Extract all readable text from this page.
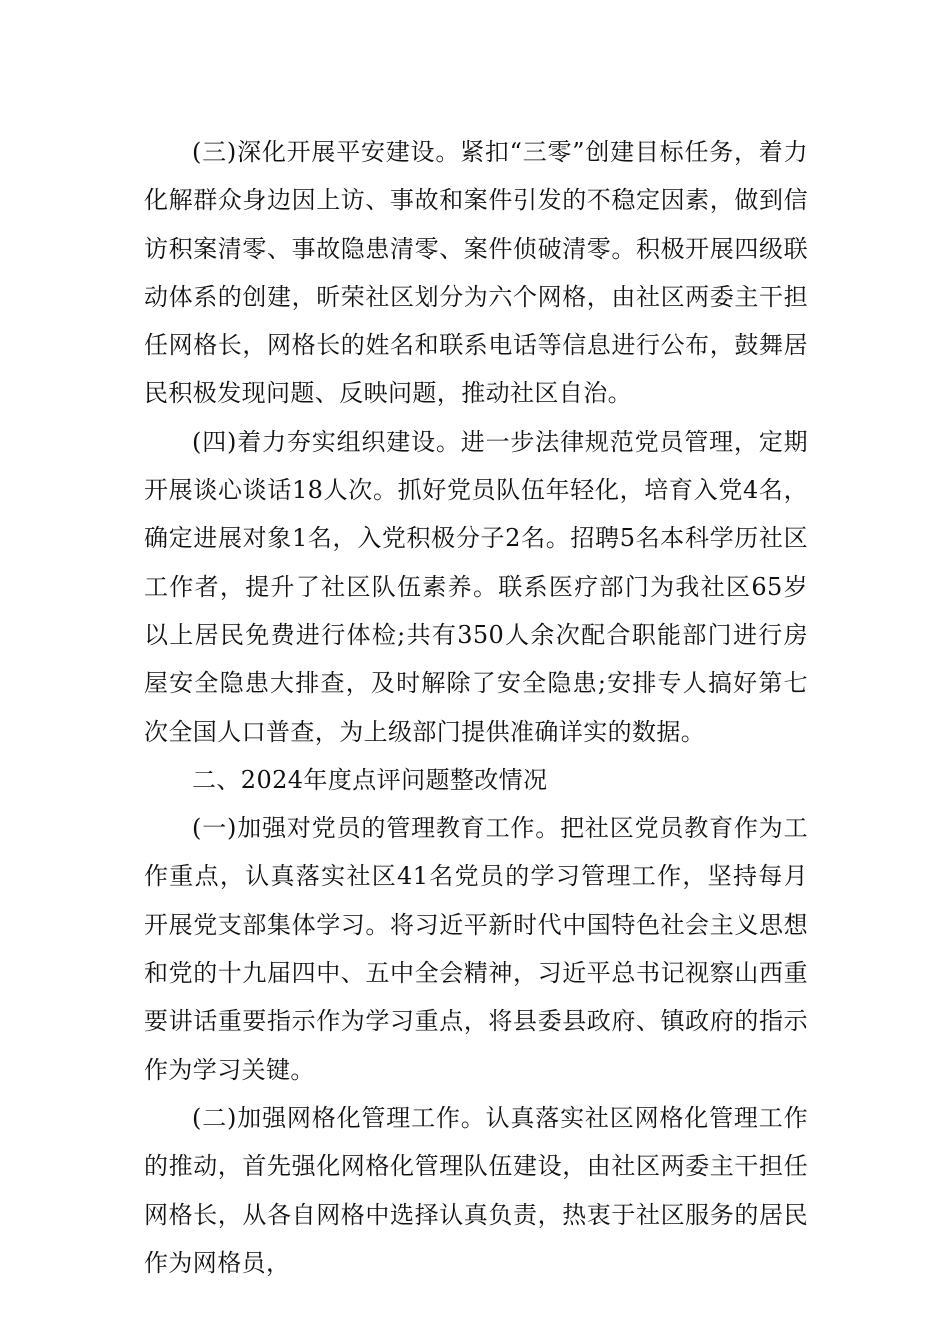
(三)深化开展平安建设。紧扣“三零”创建目标任务，着力化解群众身边因上访、事故和案件引发的不稳定因素，做到信访积案清零、事故隐患清零、案件侦破清零。积极开展四级联动体系的创建，昕荣社区划分为六个网格，由社区两委主干担任网格长，网格长的姓名和联系电话等信息进行公布，鼓舞居民积极发现问题、反映问题，推动社区自治。

(四)着力夯实组织建设。进一步法律规范党员管理，定期开展谈心谈话18人次。抓好党员队伍年轻化，培育入党4名，确定进展对象1名，入党积极分子2名。招聘5名本科学历社区工作者，提升了社区队伍素养。联系医疗部门为我社区65岁以上居民免费进行体检;共有350人余次配合职能部门进行房屋安全隐患大排查，及时解除了安全隐患;安排专人搞好第七次全国人口普查，为上级部门提供准确详实的数据。

二、2024年度点评问题整改情况

(一)加强对党员的管理教育工作。把社区党员教育作为工作重点，认真落实社区41名党员的学习管理工作，坚持每月开展党支部集体学习。将习近平新时代中国特色社会主义思想和党的十九届四中、五中全会精神，习近平总书记视察山西重要讲话重要指示作为学习重点，将县委县政府、镇政府的指示作为学习关键。

(二)加强网格化管理工作。认真落实社区网格化管理工作的推动，首先强化网格化管理队伍建设，由社区两委主干担任网格长，从各自网格中选择认真负责，热衷于社区服务的居民作为网格员，
